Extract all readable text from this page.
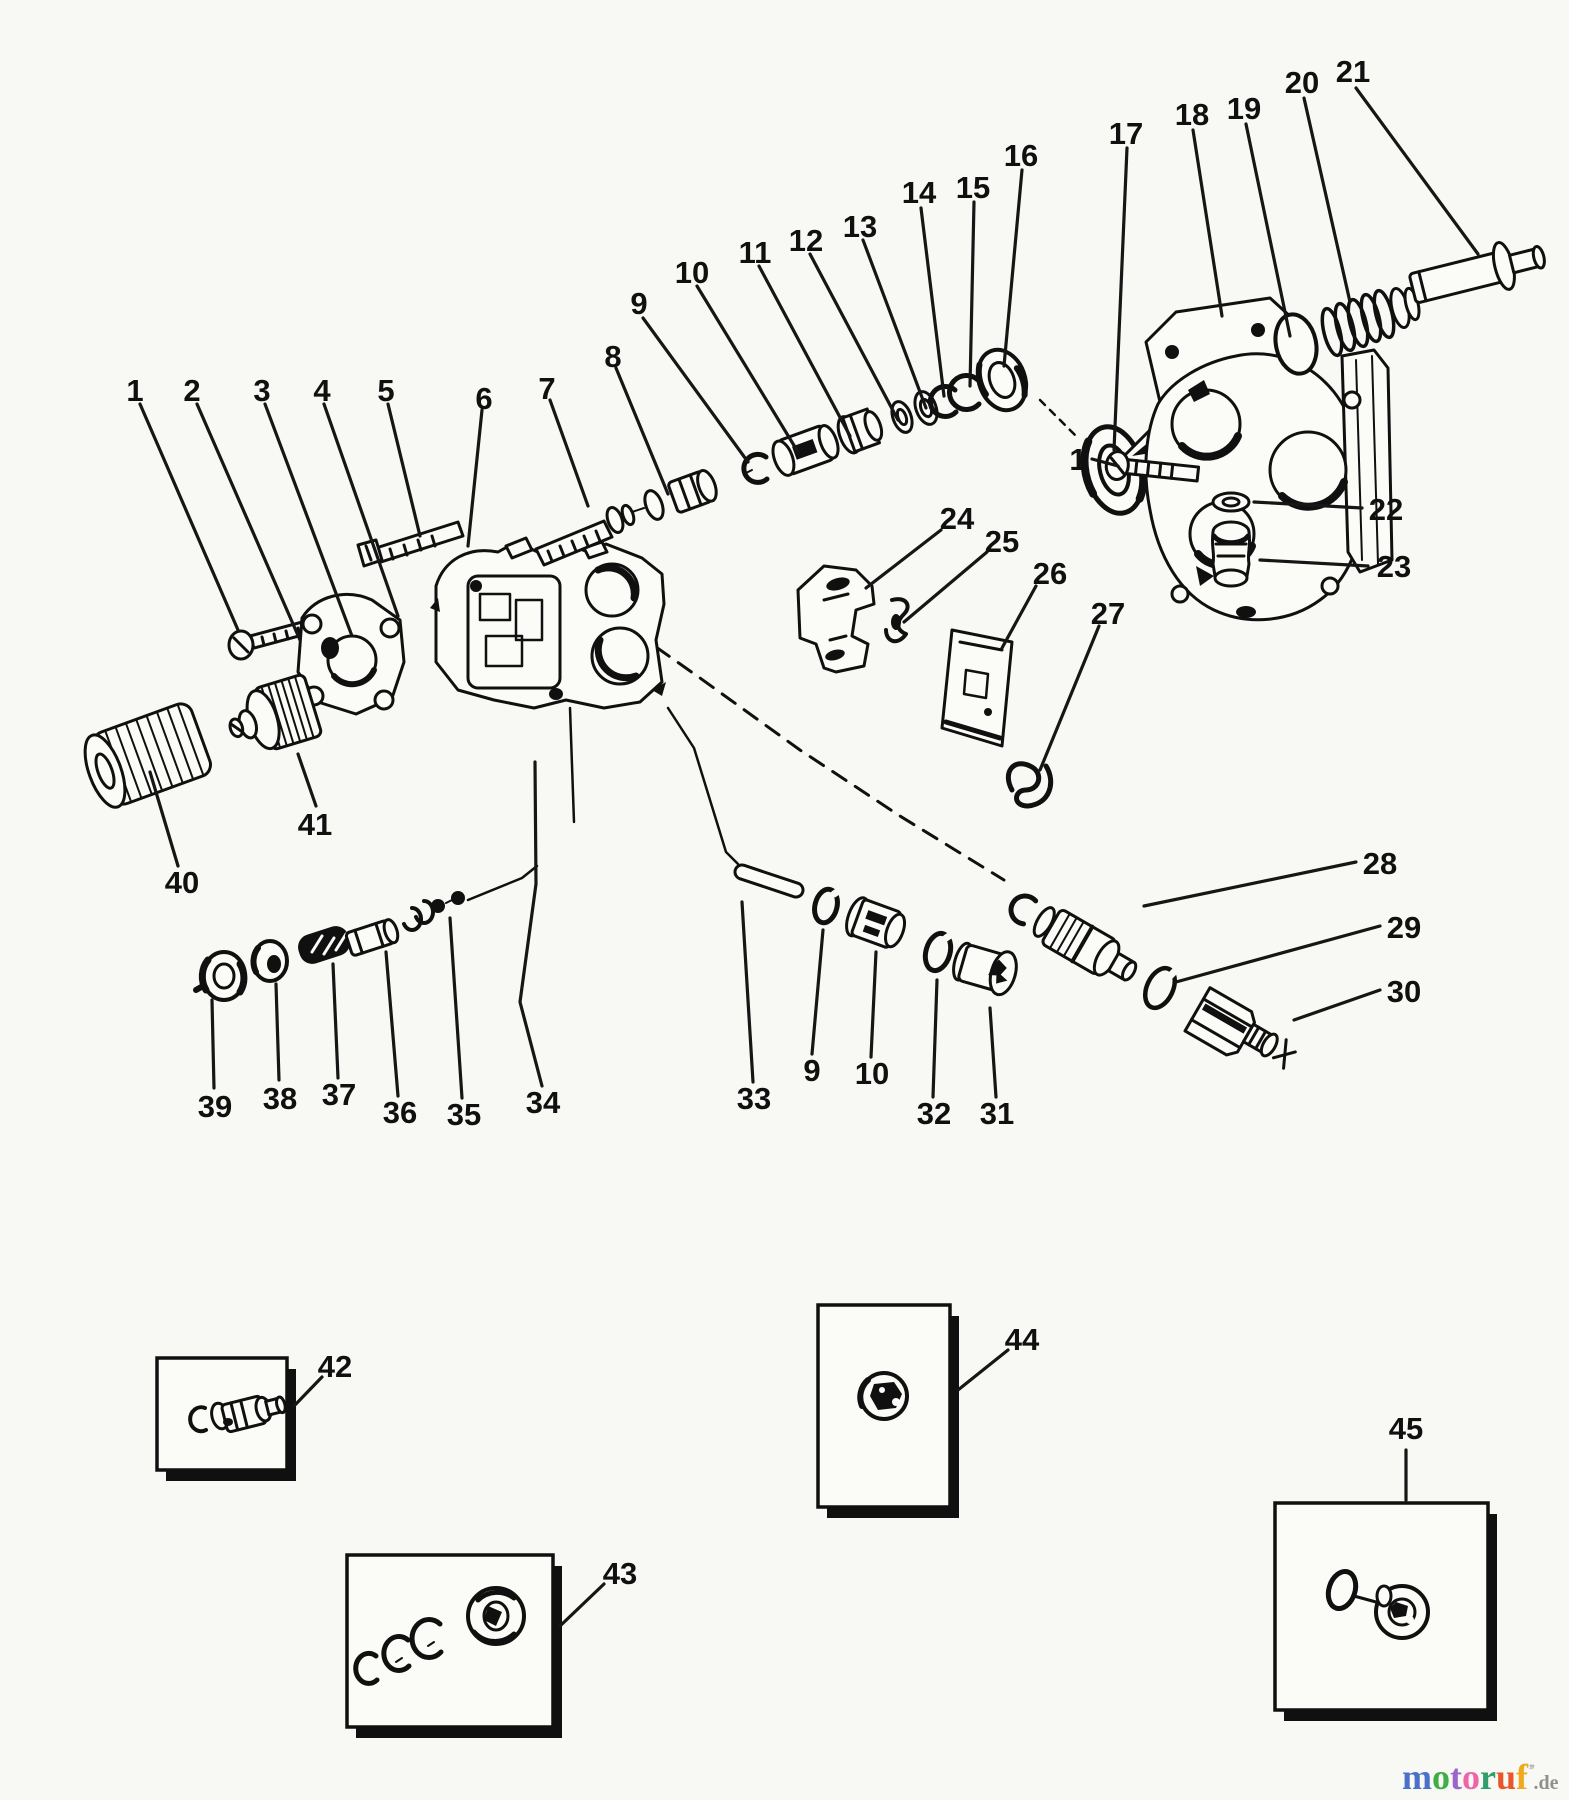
1 2 3 4 5	6 7
8
9
10
11 12 13
14 15
16
17
18 19
20 21
1
22
23
24
25
26
27
28
29
30
40
41
39 38 37
36 35 34	33
9 10
32 31
42
43
44
45
motoruf’’.de
